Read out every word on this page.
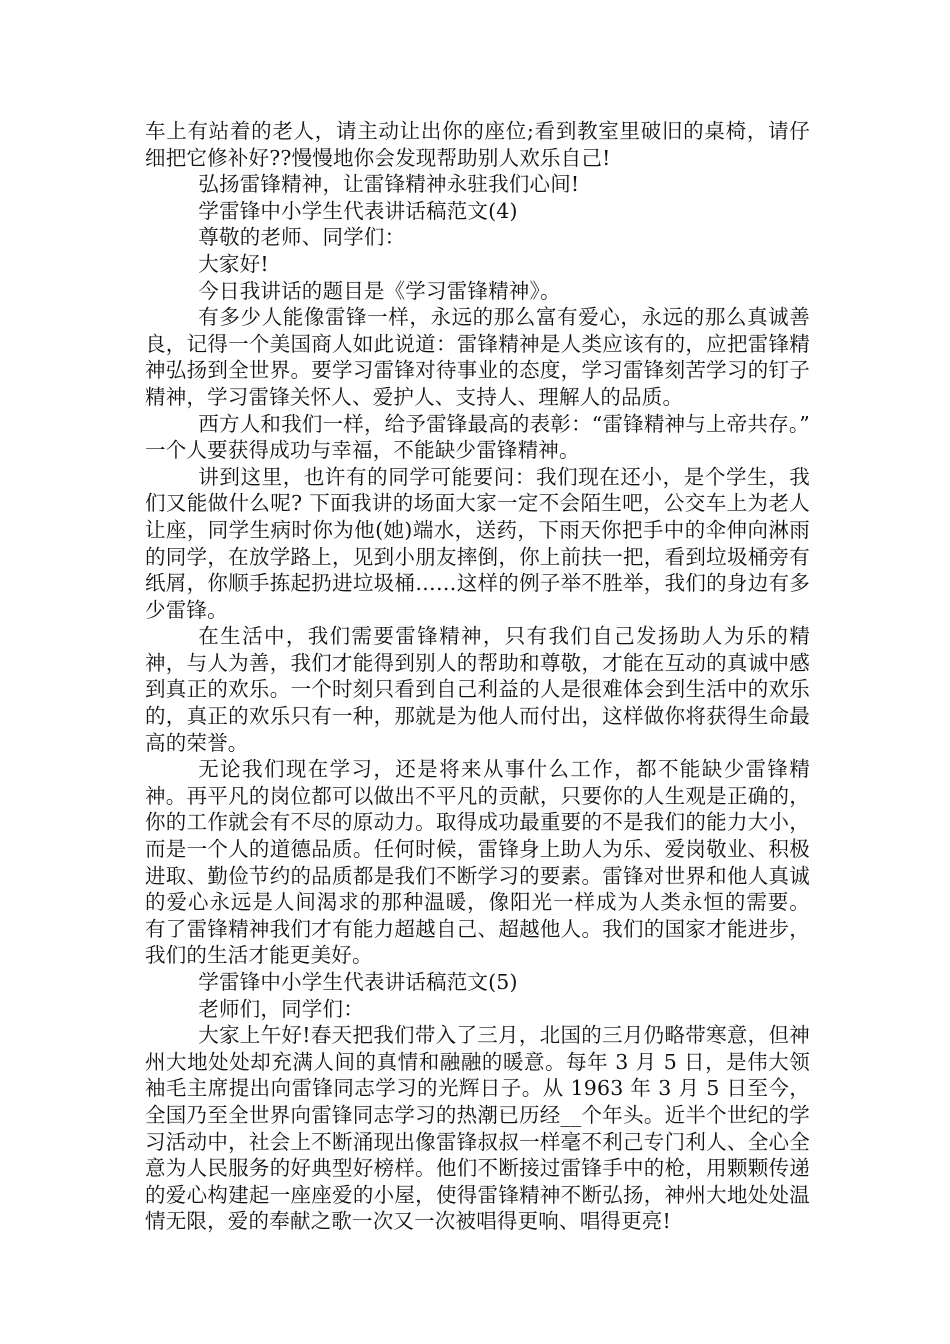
车上有站着的老人，请主动让出你的座位;看到教室里破旧的桌椅，请仔细把它修补好??慢慢地你会发现帮助别人欢乐自己!

弘扬雷锋精神，让雷锋精神永驻我们心间!

学雷锋中小学生代表讲话稿范文(4)

尊敬的老师、同学们：

大家好!

今日我讲话的题目是《学习雷锋精神》。

有多少人能像雷锋一样，永远的那么富有爱心，永远的那么真诚善良，记得一个美国商人如此说道：雷锋精神是人类应该有的，应把雷锋精神弘扬到全世界。要学习雷锋对待事业的态度，学习雷锋刻苦学习的钉子精神，学习雷锋关怀人、爱护人、支持人、理解人的品质。

西方人和我们一样，给予雷锋最高的表彰：“雷锋精神与上帝共存。” 一个人要获得成功与幸福，不能缺少雷锋精神。

讲到这里，也许有的同学可能要问：我们现在还小，是个学生，我们又能做什么呢? 下面我讲的场面大家一定不会陌生吧，公交车上为老人让座，同学生病时你为他(她)端水，送药，下雨天你把手中的伞伸向淋雨的同学，在放学路上，见到小朋友摔倒，你上前扶一把，看到垃圾桶旁有纸屑，你顺手拣起扔进垃圾桶……这样的例子举不胜举，我们的身边有多少雷锋。

在生活中，我们需要雷锋精神，只有我们自己发扬助人为乐的精神，与人为善，我们才能得到别人的帮助和尊敬，才能在互动的真诚中感到真正的欢乐。一个时刻只看到自己利益的人是很难体会到生活中的欢乐的，真正的欢乐只有一种，那就是为他人而付出，这样做你将获得生命最高的荣誉。

无论我们现在学习，还是将来从事什么工作，都不能缺少雷锋精神。再平凡的岗位都可以做出不平凡的贡献，只要你的人生观是正确的，你的工作就会有不尽的原动力。取得成功最重要的不是我们的能力大小，而是一个人的道德品质。任何时候，雷锋身上助人为乐、爱岗敬业、积极进取、勤俭节约的品质都是我们不断学习的要素。雷锋对世界和他人真诚的爱心永远是人间渴求的那种温暖，像阳光一样成为人类永恒的需要。 有了雷锋精神我们才有能力超越自己、超越他人。我们的国家才能进步，我们的生活才能更美好。

学雷锋中小学生代表讲话稿范文(5)

老师们，同学们：

大家上午好!春天把我们带入了三月，北国的三月仍略带寒意，但神州大地处处却充满人间的真情和融融的暖意。每年 3 月 5 日，是伟大领袖毛主席提出向雷锋同志学习的光辉日子。从 1963 年 3 月 5 日至今，全国乃至全世界向雷锋同志学习的热潮已历经__个年头。近半个世纪的学习活动中，社会上不断涌现出像雷锋叔叔一样毫不利己专门利人、全心全意为人民服务的好典型好榜样。他们不断接过雷锋手中的枪，用颗颗传递的爱心构建起一座座爱的小屋，使得雷锋精神不断弘扬，神州大地处处温情无限，爱的奉献之歌一次又一次被唱得更响、唱得更亮!
